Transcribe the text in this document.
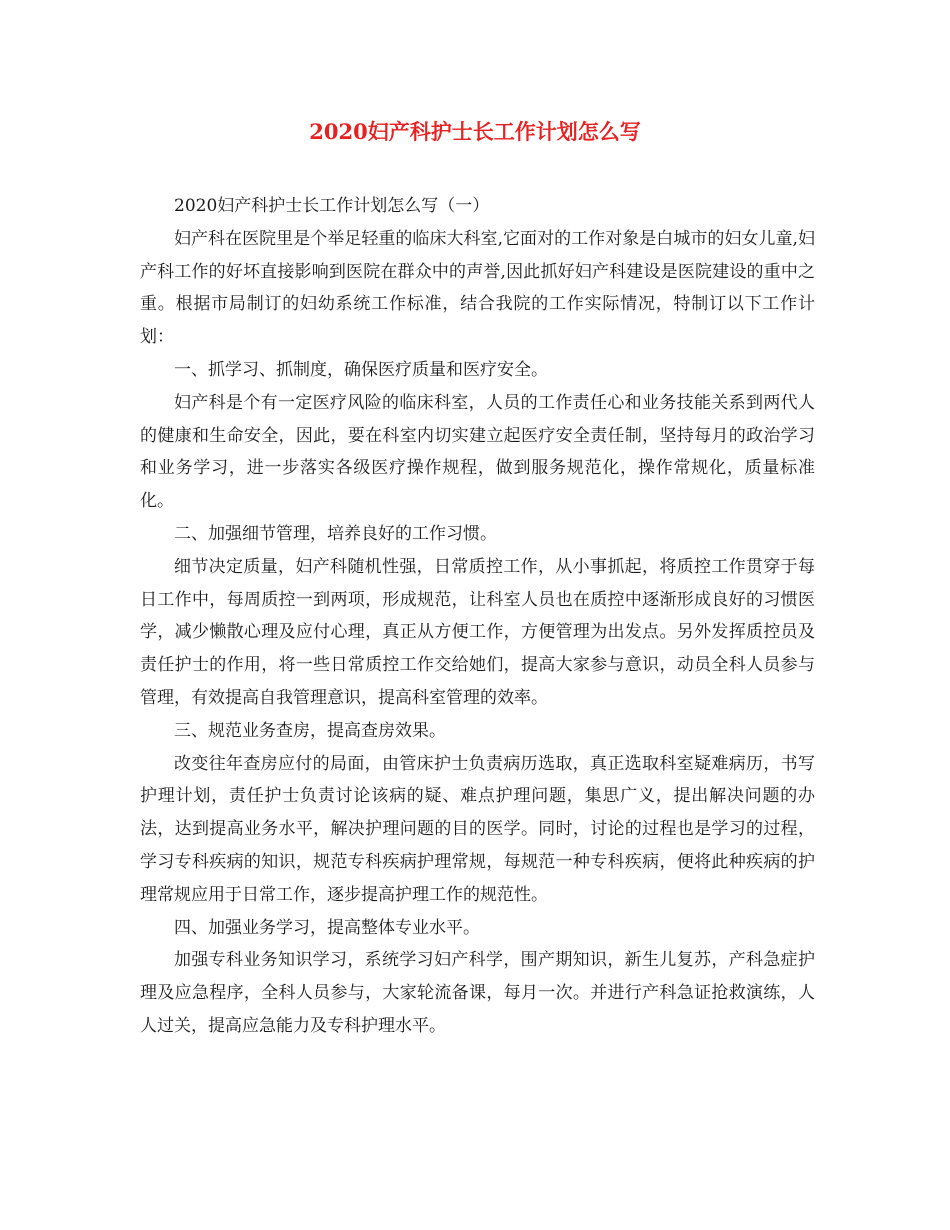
2020妇产科护士长工作计划怎么写

2020妇产科护士长工作计划怎么写（一）

妇产科在医院里是个举足轻重的临床大科室,它面对的工作对象是白城市的妇女儿童,妇产科工作的好坏直接影响到医院在群众中的声誉,因此抓好妇产科建设是医院建设的重中之重。根据市局制订的妇幼系统工作标准，结合我院的工作实际情况，特制订以下工作计划：

一、抓学习、抓制度，确保医疗质量和医疗安全。

妇产科是个有一定医疗风险的临床科室，人员的工作责任心和业务技能关系到两代人的健康和生命安全，因此，要在科室内切实建立起医疗安全责任制，坚持每月的政治学习和业务学习，进一步落实各级医疗操作规程，做到服务规范化，操作常规化，质量标准化。

二、加强细节管理，培养良好的工作习惯。

细节决定质量，妇产科随机性强，日常质控工作，从小事抓起，将质控工作贯穿于每日工作中，每周质控一到两项，形成规范，让科室人员也在质控中逐渐形成良好的习惯医学，减少懒散心理及应付心理，真正从方便工作，方便管理为出发点。另外发挥质控员及责任护士的作用，将一些日常质控工作交给她们，提高大家参与意识，动员全科人员参与管理，有效提高自我管理意识，提高科室管理的效率。

三、规范业务查房，提高查房效果。

改变往年查房应付的局面，由管床护士负责病历选取，真正选取科室疑难病历，书写护理计划，责任护士负责讨论该病的疑、难点护理问题，集思广义，提出解决问题的办法，达到提高业务水平，解决护理问题的目的医学。同时，讨论的过程也是学习的过程，学习专科疾病的知识，规范专科疾病护理常规，每规范一种专科疾病，便将此种疾病的护理常规应用于日常工作，逐步提高护理工作的规范性。

四、加强业务学习，提高整体专业水平。

加强专科业务知识学习，系统学习妇产科学，围产期知识，新生儿复苏，产科急症护理及应急程序，全科人员参与，大家轮流备课，每月一次。并进行产科急证抢救演练，人人过关，提高应急能力及专科护理水平。
